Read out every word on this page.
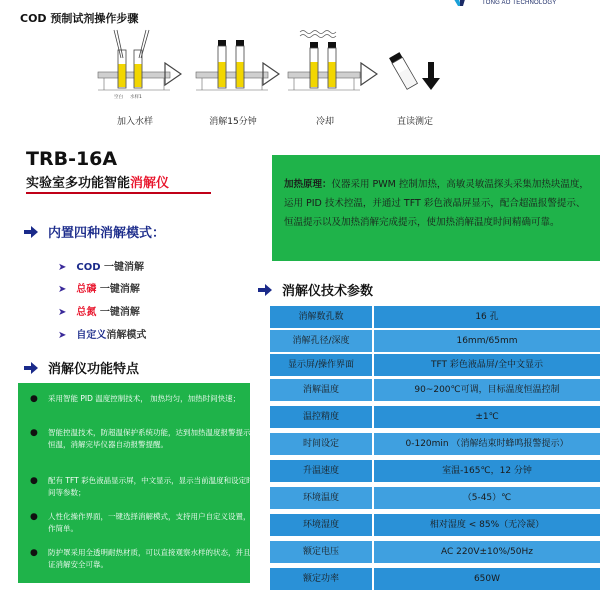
COD 预制试剂操作步骤
TONG AO TECHNOLOGY
空白 水样1
加入水样	消解15分钟	冷却	直读测定
TRB-16A
实验室多功能智能消解仪
内置四种消解模式：
➤ COD 一键消解
➤ 总磷 一键消解
➤ 总氮 一键消解
➤ 自定义消解模式
消解仪功能特点
● 采用智能 PID 温度控制技术， 加热均匀，加热时间快速；
● 智能控温技术，防超温保护系统功能，达到加热温度报警提示并恒温，消解完毕仪器自动报警提醒。
● 配有 TFT 彩色液晶显示屏，中文显示，显示当前温度和设定时间等参数；
● 人性化操作界面，一键选择消解模式，支持用户自定义设置，操作简单。
● 防护罩采用全透明耐热材质，可以直接观察水样的状态，并且保证消解安全可靠。
加热原理：仪器采用 PWM 控制加热，高敏灵敏温探头采集加热块温度，运用 PID 技术控温，并通过 TFT 彩色液晶屏显示，配合超温报警提示、恒温提示以及加热消解完成提示，使加热消解温度时间精确可靠。
消解仪技术参数
消解数孔数	16 孔
消解孔径/深度	16mm/65mm
显示屏/操作界面	TFT 彩色液晶屏/全中文显示
消解温度	90~200℃可调，目标温度恒温控制
温控精度	±1℃
时间设定	0-120min （消解结束时蜂鸣报警提示）
升温速度	室温-165℃，12 分钟
环境温度	（5-45）℃
环境湿度	相对湿度 < 85%（无冷凝）
额定电压	AC 220V±10%/50Hz
额定功率	650W
